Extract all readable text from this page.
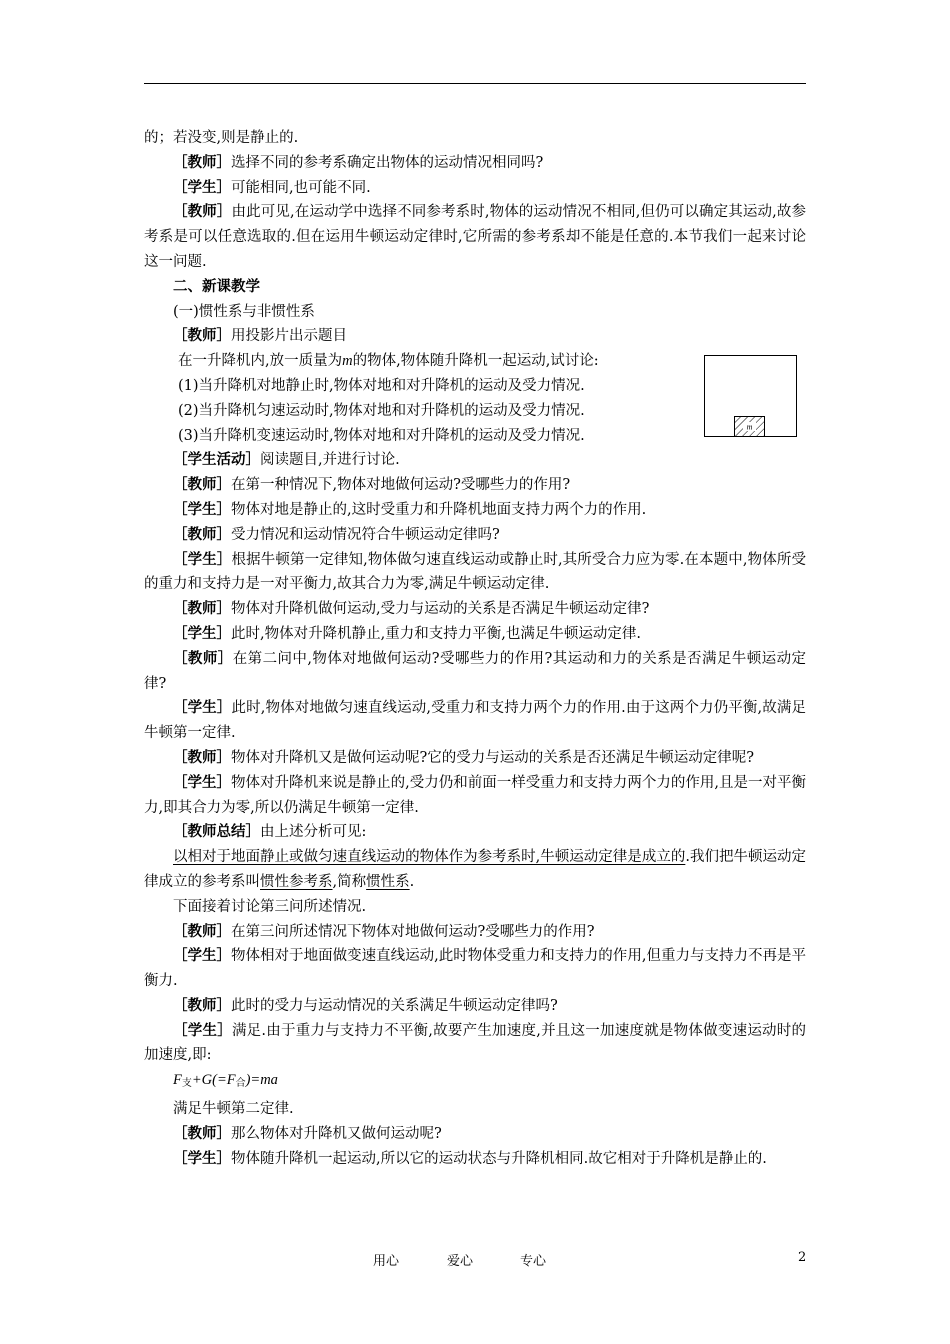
的；若没变,则是静止的.

［教师］选择不同的参考系确定出物体的运动情况相同吗?

［学生］可能相同,也可能不同.

［教师］由此可见,在运动学中选择不同参考系时,物体的运动情况不相同,但仍可以确定其运动,故参考系是可以任意选取的.但在运用牛顿运动定律时,它所需的参考系却不能是任意的.本节我们一起来讨论这一问题.

二、新课教学

(一)惯性系与非惯性系

［教师］用投影片出示题目

在一升降机内,放一质量为m的物体,物体随升降机一起运动,试讨论:

(1)当升降机对地静止时,物体对地和对升降机的运动及受力情况.

(2)当升降机匀速运动时,物体对地和对升降机的运动及受力情况.

(3)当升降机变速运动时,物体对地和对升降机的运动及受力情况.

［学生活动］阅读题目,并进行讨论.

［教师］在第一种情况下,物体对地做何运动?受哪些力的作用?

［学生］物体对地是静止的,这时受重力和升降机地面支持力两个力的作用.

［教师］受力情况和运动情况符合牛顿运动定律吗?

［学生］根据牛顿第一定律知,物体做匀速直线运动或静止时,其所受合力应为零.在本题中,物体所受的重力和支持力是一对平衡力,故其合力为零,满足牛顿运动定律.

［教师］物体对升降机做何运动,受力与运动的关系是否满足牛顿运动定律?

［学生］此时,物体对升降机静止,重力和支持力平衡,也满足牛顿运动定律.

［教师］在第二问中,物体对地做何运动?受哪些力的作用?其运动和力的关系是否满足牛顿运动定律?

［学生］此时,物体对地做匀速直线运动,受重力和支持力两个力的作用.由于这两个力仍平衡,故满足牛顿第一定律.

［教师］物体对升降机又是做何运动呢?它的受力与运动的关系是否还满足牛顿运动定律呢?

［学生］物体对升降机来说是静止的,受力仍和前面一样受重力和支持力两个力的作用,且是一对平衡力,即其合力为零,所以仍满足牛顿第一定律.

［教师总结］由上述分析可见:

以相对于地面静止或做匀速直线运动的物体作为参考系时,牛顿运动定律是成立的.我们把牛顿运动定律成立的参考系叫惯性参考系,简称惯性系.

下面接着讨论第三问所述情况.

［教师］在第三问所述情况下物体对地做何运动?受哪些力的作用?

［学生］物体相对于地面做变速直线运动,此时物体受重力和支持力的作用,但重力与支持力不再是平衡力.

［教师］此时的受力与运动情况的关系满足牛顿运动定律吗?

［学生］满足.由于重力与支持力不平衡,故要产生加速度,并且这一加速度就是物体做变速运动时的加速度,即:

$F_支+G(=F_合)=ma$

满足牛顿第二定律.

［教师］那么物体对升降机又做何运动呢?

［学生］物体随升降机一起运动,所以它的运动状态与升降机相同.故它相对于升降机是静止的.

m
用心	爱心	专心	2
